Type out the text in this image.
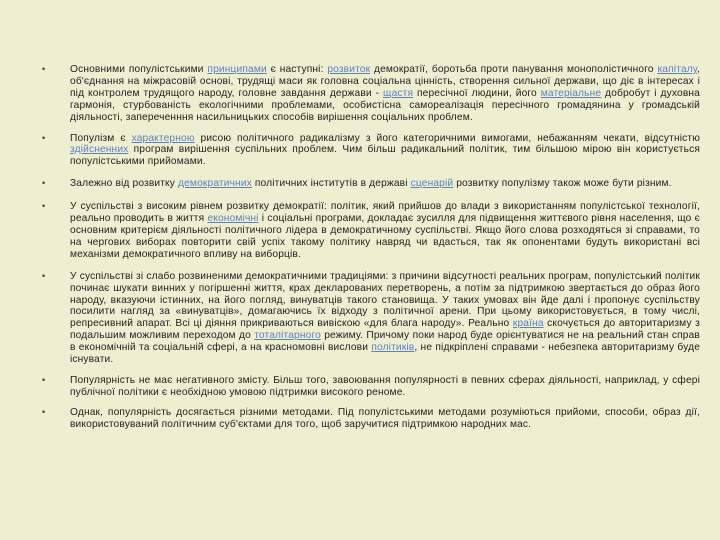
• Основними популістськими принципами є наступні: розвиток демократії, боротьба проти панування монополістичного капіталу, об'єднання на міжрасовій основі, трудящі маси як головна соціальна цінність, створення сильної держави, що діє в інтересах і під контролем трудящого народу, головне завдання держави - щастя пересічної людини, його матеріальне добробут і духовна гармонія, стурбованість екологічними проблемами, особистісна самореалізація пересічного громадянина у громадській діяльності, запереченння насильницьких способів вирішення соціальних проблем.
• Популізм є характерною рисою політичного радикалізму з його категоричними вимогами, небажанням чекати, відсутністю здійсненних програм вирішення суспільних проблем. Чим більш радикальний політик, тим більшою мірою він користується популістськими прийомами.
• Залежно від розвитку демократичних політичних інститутів в державі сценарій розвитку популізму також може бути різним.
• У суспільстві з високим рівнем розвитку демократії: політик, який прийшов до влади з використанням популістської технології, реально проводить в життя економічні і соціальні програми, докладає зусилля для підвищення життєвого рівня населення, що є основним критерієм діяльності політичного лідера в демократичному суспільстві. Якщо його слова розходяться зі справами, то на чергових виборах повторити свій успіх такому політику навряд чи вдасться, так як опонентами будуть використані всі механізми демократичного впливу на виборців.
• У суспільстві зі слабо розвиненими демократичними традиціями: з причини відсутності реальних програм, популістський політик починає шукати винних у погіршенні життя, крах декларованих перетворень, а потім за підтримкою звертається до образ його народу, вказуючи істинних, на його погляд, винуватців такого становища. У таких умовах він йде далі і пропонує суспільству посилити нагляд за «винуватців», домагаючись їх відходу з політичної арени. При цьому використовується, в тому числі, репресивний апарат. Всі ці діяння прикриваються вивіскою «для блага народу». Реально країна скочується до авторитаризму з подальшим можливим переходом до тоталітарного режиму. Причому поки народ буде орієнтуватися не на реальний стан справ в економічній та соціальній сфері, а на красномовні вислови політиків, не підкріплені справами - небезпека авторитаризму буде існувати.
• Популярність не має негативного змісту. Більш того, завоювання популярності в певних сферах діяльності, наприклад, у сфері публічної політики є необхідною умовою підтримки високого реноме.
• Однак, популярність досягається різними методами. Під популістськими методами розуміються прийоми, способи, образ дії, використовуваний політичним суб'єктами для того, щоб заручитися підтримкою народних мас.
